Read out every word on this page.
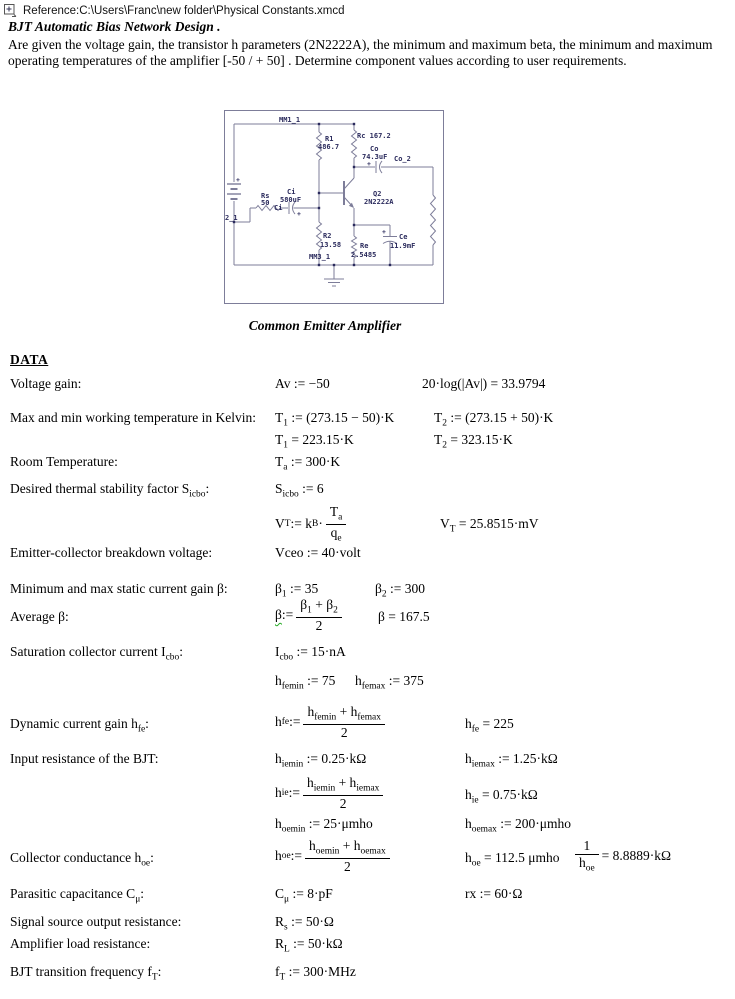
Reference:C:\Users\Franc\new folder\Physical Constants.xmcd
BJT Automatic Bias Network Design .
Are given the voltage gain, the transistor h parameters (2N2222A), the minimum and maximum beta, the minimum and maximum operating temperatures of the amplifier [-50 / + 50] . Determine component values according to user requirements.
MM1_1
R1
486.7
Rc 167.2
Co
74.3uF
+
Co_2
Rs
50
Ci
580uF
Ci
+
Q2
2N2222A
R2
13.58
MM3_1
Re
2.5485
Ce
11.9mF
+
+
2_1
Common Emitter Amplifier
DATA
Voltage gain:	Av := −50	20·log(|Av|) = 33.9794
Max and min working temperature in Kelvin: $T_1$ := (273.15 − 50)·K	$T_2$ := (273.15 + 50)·K
$T_1 = 223.15\cdot K$	$T_2 = 323.15\cdot K$
Room Temperature:	$T_a$ := 300·K
Desired thermal stability factor $S_{icbo}$:	$S_{icbo}$ := 6
V T := k $B \cdot \frac{T_a}{q_e}$	$V_T = 25.8515\cdot mV$
Emitter-collector breakdown voltage:	Vceo := 40·volt
Minimum and max static current gain β:	$\beta_1$ := 35	$\beta_2$ := 300
Average β:	β := $\frac{\beta_1 + \beta_2}{2}$	β = 167.5
Saturation collector current $I_{cbo}$:	$I_{cbo}$ := 15·nA
$h_{femin}$ := 75 $h_{femax}$ := 375
Dynamic current gain $h_{fe}$:	h fe := $\frac{h_{femin} + h_{femax}}{2}$	$h_{fe} = 225$
Input resistance of the BJT:	$h_{iemin}$ := 0.25·kΩ	$h_{iemax}$ := 1.25·kΩ
h ie := $\frac{h_{iemin} + h_{iemax}}{2}$	$h_{ie} = 0.75\cdot k\Omega$
$h_{oemin}$ := 25·μmho	$h_{oemax}$ := 200·μmho
Collector conductance $h_{oe}$:	h oe := $\frac{h_{oemin} + h_{oemax}}{2}$	$h_{oe} = 112.5$ μmho $\frac{1}{h_{oe}} = 8.8889\cdot k\Omega$
Parasitic capacitance $C_\mu$:	$C_\mu$ := 8·pF	rx := 60·Ω
Signal source output resistance:	$R_s$ := 50·Ω
Amplifier load resistance:	$R_L$ := 50·kΩ
BJT transition frequency $f_T$:	$f_T$ := 300·MHz
